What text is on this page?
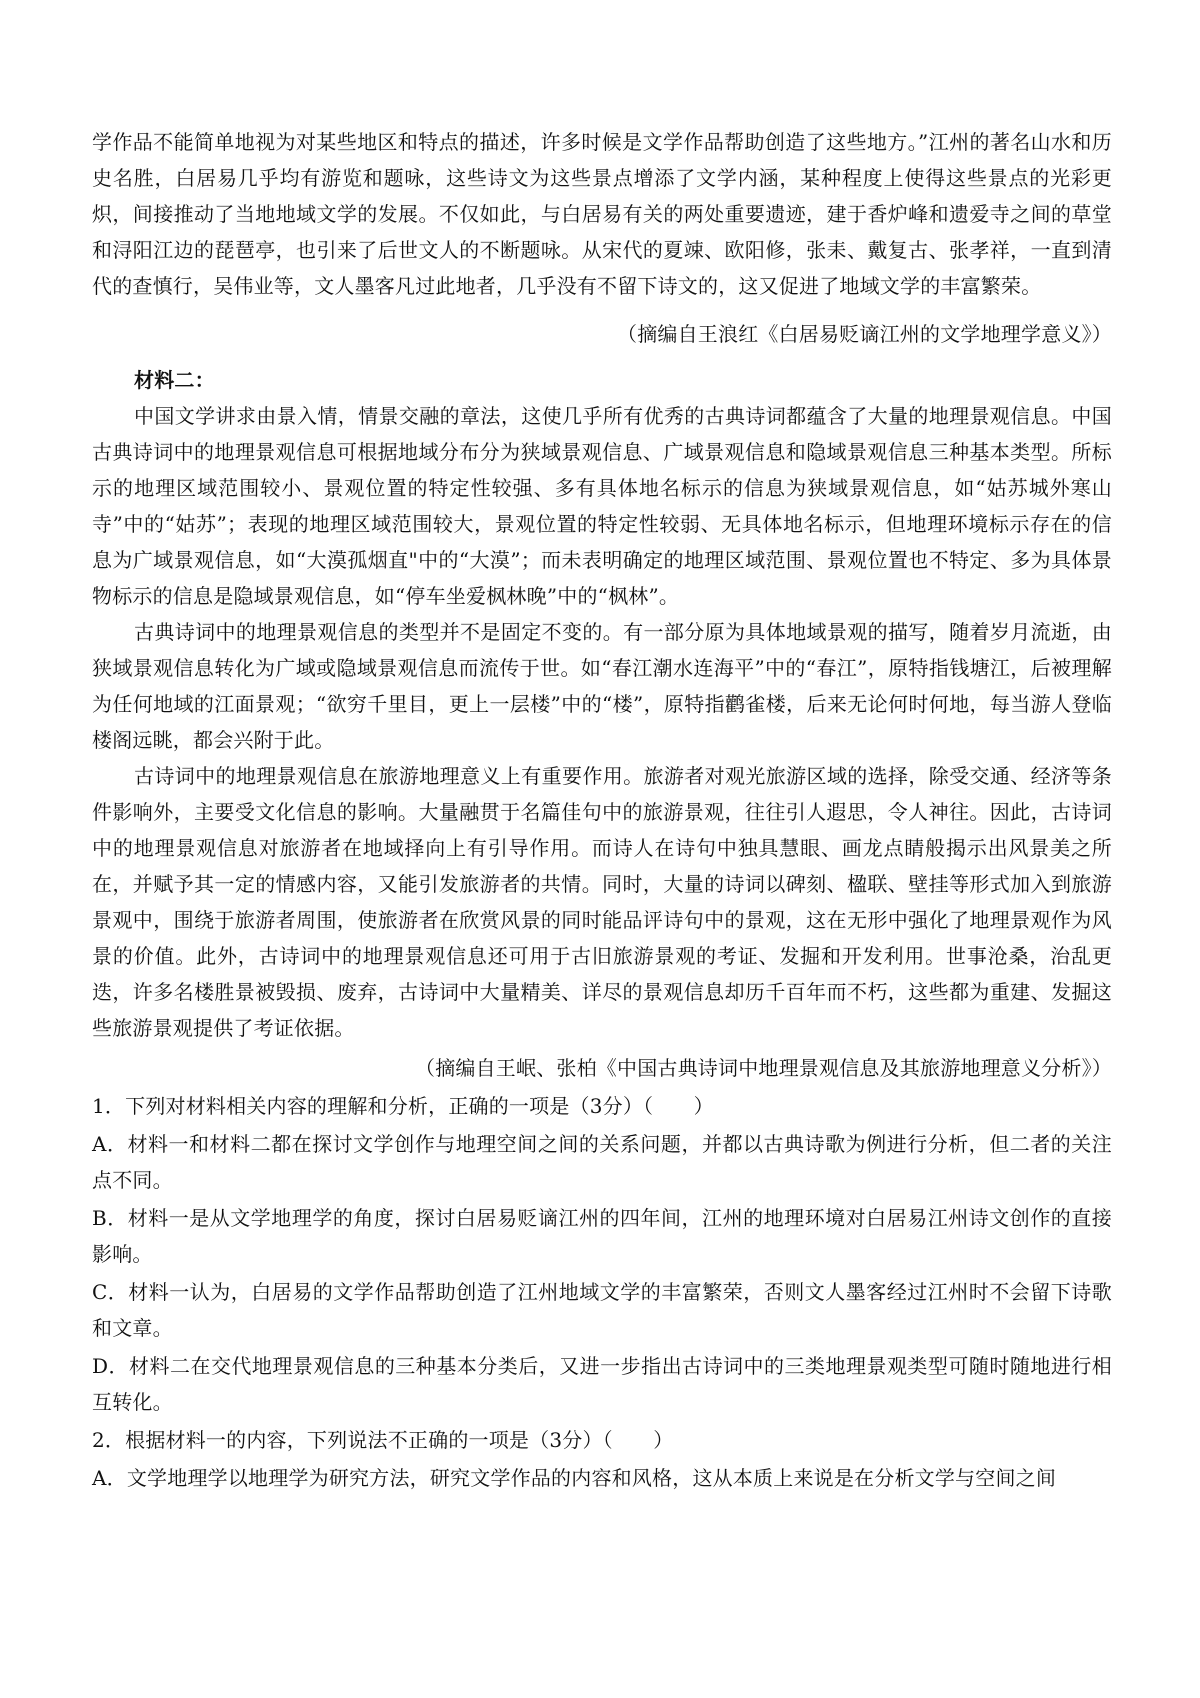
学作品不能简单地视为对某些地区和特点的描述，许多时候是文学作品帮助创造了这些地方。”江州的著名山水和历史名胜，白居易几乎均有游览和题咏，这些诗文为这些景点增添了文学内涵，某种程度上使得这些景点的光彩更炽，间接推动了当地地域文学的发展。不仅如此，与白居易有关的两处重要遗迹，建于香炉峰和遗爱寺之间的草堂和浔阳江边的琵琶亭，也引来了后世文人的不断题咏。从宋代的夏竦、欧阳修，张耒、戴复古、张孝祥，一直到清代的查慎行，吴伟业等，文人墨客凡过此地者，几乎没有不留下诗文的，这又促进了地域文学的丰富繁荣。

（摘编自王浪红《白居易贬谪江州的文学地理学意义》）

材料二：

中国文学讲求由景入情，情景交融的章法，这使几乎所有优秀的古典诗词都蕴含了大量的地理景观信息。中国古典诗词中的地理景观信息可根据地域分布分为狭域景观信息、广域景观信息和隐域景观信息三种基本类型。所标示的地理区域范围较小、景观位置的特定性较强、多有具体地名标示的信息为狭域景观信息，如“姑苏城外寒山寺”中的“姑苏”；表现的地理区域范围较大，景观位置的特定性较弱、无具体地名标示，但地理环境标示存在的信息为广域景观信息，如“大漠孤烟直"中的“大漠”；而未表明确定的地理区域范围、景观位置也不特定、多为具体景物标示的信息是隐域景观信息，如“停车坐爱枫林晚”中的“枫林”。

古典诗词中的地理景观信息的类型并不是固定不变的。有一部分原为具体地域景观的描写，随着岁月流逝，由狭域景观信息转化为广域或隐域景观信息而流传于世。如“春江潮水连海平”中的“春江”，原特指钱塘江，后被理解为任何地域的江面景观；“欲穷千里目，更上一层楼”中的“楼”，原特指鹳雀楼，后来无论何时何地，每当游人登临楼阁远眺，都会兴附于此。

古诗词中的地理景观信息在旅游地理意义上有重要作用。旅游者对观光旅游区域的选择，除受交通、经济等条件影响外，主要受文化信息的影响。大量融贯于名篇佳句中的旅游景观，往往引人遐思，令人神往。因此，古诗词中的地理景观信息对旅游者在地域择向上有引导作用。而诗人在诗句中独具慧眼、画龙点睛般揭示出风景美之所在，并赋予其一定的情感内容，又能引发旅游者的共情。同时，大量的诗词以碑刻、楹联、壁挂等形式加入到旅游景观中，围绕于旅游者周围，使旅游者在欣赏风景的同时能品评诗句中的景观，这在无形中强化了地理景观作为风景的价值。此外，古诗词中的地理景观信息还可用于古旧旅游景观的考证、发掘和开发利用。世事沧桑，治乱更迭，许多名楼胜景被毁损、废弃，古诗词中大量精美、详尽的景观信息却历千百年而不朽，这些都为重建、发掘这些旅游景观提供了考证依据。

（摘编自王岷、张柏《中国古典诗词中地理景观信息及其旅游地理意义分析》）

1．下列对材料相关内容的理解和分析，正确的一项是（3分）（　　）

A．材料一和材料二都在探讨文学创作与地理空间之间的关系问题，并都以古典诗歌为例进行分析，但二者的关注点不同。

B．材料一是从文学地理学的角度，探讨白居易贬谪江州的四年间，江州的地理环境对白居易江州诗文创作的直接影响。

C．材料一认为，白居易的文学作品帮助创造了江州地域文学的丰富繁荣，否则文人墨客经过江州时不会留下诗歌和文章。

D．材料二在交代地理景观信息的三种基本分类后，又进一步指出古诗词中的三类地理景观类型可随时随地进行相互转化。

2．根据材料一的内容，下列说法不正确的一项是（3分）（　　）

A．文学地理学以地理学为研究方法，研究文学作品的内容和风格，这从本质上来说是在分析文学与空间之间
